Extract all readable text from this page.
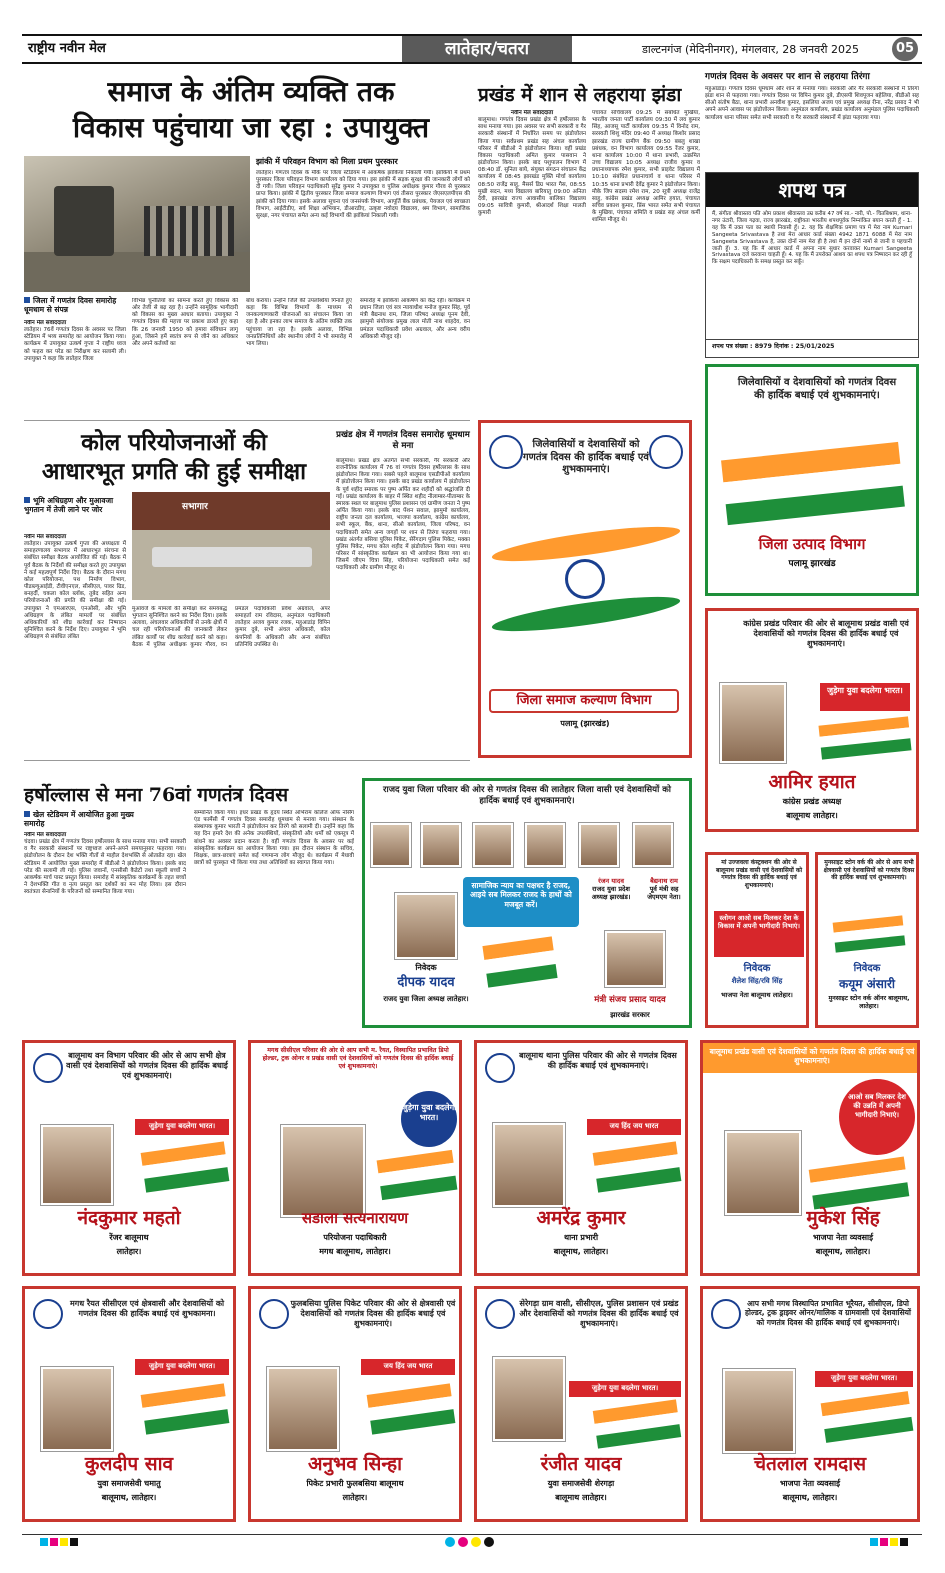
राष्ट्रीय नवीन मेल	लातेहार/चतरा	डाल्टनगंज (मेदिनीनगर), मंगलवार, 28 जनवरी 2025	05
समाज के अंतिम व्यक्ति तक
विकास पहुंचाया जा रहा : उपायुक्त
झांकी में परिवहन विभाग को मिला प्रथम पुरस्कार
लातेहार। गणतंत्र दिवस के मौके पर जिला स्टेडियम में आकर्षक झांकियां निकाली गयी। झांकियों में प्रथम पुरस्कार जिला परिवहन विभाग कार्यालय को दिया गया। इस झांकी में सड़क सुरक्षा की जानकारी लोगों को दी गयी। जिला परिवहन पदाधिकारी सुरेंद्र कुमार ने उपायुक्त व पुलिस अधीक्षक कुमार गौरव से पुरस्कार प्राप्त किया। झांकी में द्वितीय पुरस्कार जिला समाज कल्याण विभाग एवं तीसरा पुरस्कार जेएसएलपीएस की झांकी को दिया गया। इसके अलावा सूचना एवं जनसंपर्क विभाग, आपूर्ति बैंक प्रबंधक, पेयजल एवं स्वच्छता विभाग, आईटीडीए, सर्व शिक्षा अभियान, डीआरडीए, उत्कृष्ट नवोदय विद्यालय, श्रम विभाग, सामाजिक सुरक्षा, नगर पंचायत समेत अन्य कई विभागों की झांकियां निकाली गयी।
जिला में गणतंत्र दिवस समारोह धूमधाम से संपन्न
नवीन मेल संवाददाता
लातेहार। 76वें गणतंत्र दिवस के अवसर पर जिला स्टेडियम में भव्य समारोह का आयोजन किया गया। कार्यक्रम में उपायुक्त उत्कर्ष गुप्ता ने राष्ट्रीय ध्वज को फहरा कर परेड का निरीक्षण कर सलामी ली। उपायुक्त ने कहा कि लातेहार जिला
विभिन्न चुनौतियों का सामना करते हुए विकास की ओर तेजी से बढ़ रहा है। उन्होंने सामूहिक भागीदारी को विकास का मुख्य आधार बताया। उपायुक्त ने गणतंत्र दिवस की महत्ता पर प्रकाश डालते हुए कहा कि 26 जनवरी 1950 को हमारा संविधान लागू हुआ, जिसने हमें स्वतंत्र रूप से जीने का अधिकार और अपने कर्तव्यों का
बोध कराया। उन्होंने जिले की उपलब्धियां गिनाते हुए कहा कि विभिन्न विभागों के माध्यम से जनकल्याणकारी योजनाओं का संचालन किया जा रहा है और इनका लाभ समाज के अंतिम व्यक्ति तक पहुंचाया जा रहा है। इसके अलावा, विभिन्न जनप्रतिनिधियों और स्थानीय लोगों ने भी समारोह में भाग लिया।
समारोह में झांकियां आकर्षण का केंद्र रहीं। कार्यक्रम में प्रधान जिला एवं सत्र न्यायाधीश मनोज कुमार सिंह, पूर्व मंत्री बैद्यनाथ राम, जिला परिषद अध्यक्ष पूनम देवी, झामुमो संयोजक प्रमुख लाल मोती नाथ शाहदेव, वन प्रमंडल पदाधिकारी प्रवेश अग्रवाल, और अन्य वरीय अधिकारी मौजूद रहे।
प्रखंड में शान से लहराया झंडा
नवीन मेल संवाददाता
बालूमाथ। गणतंत्र दिवस प्रखंड क्षेत्र में हर्षोल्लास के साथ मनाया गया। इस अवसर पर सभी सरकारी व गैर सरकारी संस्थानों में निर्धारित समय पर झंडोत्तोलन किया गया। सर्वप्रथम प्रखंड सह अंचल कार्यालय परिसर में बीडीओ ने झंडोत्तोलन किया। वहीं प्रखंड विकास पदाधिकारी अमित कुमार पासवान ने झंडोत्तोलन किया। इसके बाद पशुपालन विभाग में 08:40 डॉ. सुनिता बाये, संयुक्त संगठन संचालन केंद्र कार्यालय में 08:45 झारखंड मुक्ति मोर्चा कार्यालय 08:50 राजेंद्र साहु, मैसर्स डिग्र भारत गैस, 08:55 मुखी सदन, मध्य विद्यालय बारियातु 09:00 अनिता देवी, झारखंड राज्य आवासीय बालिका विद्यालय 09:05 सावित्री कुमारी, श्रीआदर्श शिक्षा मालती कुमारी
पंचायत सचिवालय 09:25 में संबंधित मुखिया, भारतीय जनता पार्टी कार्यालय 09:30 में लव कुमार सिंह, आजसू पार्टी कार्यालय 09:35 में विनोद राम, सरस्वती शिशु मंदिर 09:40 में अध्यक्ष किशोर प्रसाद झारखंड राज्य ग्रामीण बैंक 09:50 बबलु शाखा प्रबंधक, वन विभाग कार्यालय 09:55 रेंजर कुमार, थाना कार्यालय 10:00 में थाना प्रभारी, उत्क्रमित उच्च विद्यालय 10:05 अध्यक्ष राजीव कुमार व प्रधानाध्यापक रमेश कुमार, सभी प्राइवेट विद्यालय में 10:10 संबंधित प्रधानाचार्य व थाना परिसर में 10:35 थाना प्रभारी देवेंद्र कुमार ने झंडोत्तोलन किया। मौके जिप सदस्य रमेश राम, 20 सूत्री अध्यक्ष राजेंद्र साहु, कांग्रेस प्रखंड अध्यक्ष आमिर हयात, पंचायत सचिव प्रकाश कुमार, प्रिंस भारत समेत सभी पंचायत के मुखिया, पंचायत समिति व प्रखंड सह अंचल कर्मी शामिल मौजूद थे।
गणतंत्र दिवस के अवसर पर शान से लहराया तिरंगा
महुआडांड़। गणतंत्र दिवस धूमधाम और शान से मनाया गया। सरकारी और गैर सरकारी संस्थानों में तिरंगा झंडा शान से फहराया गया। गणतंत्र दिवस पर विपिन कुमार दुबे, डीएसपी शिवपूजन बहेलिया, बीडीओ सह सीओ संतोष बैठा, थाना प्रभारी अनवीश कुमार, इसलिया अजय एवं प्रमुख अध्यक्ष रीना, नरेंद्र प्रसाद ने भी अपने अपने आवास पर झंडोत्तोलन किया। अनुमंडल कार्यालय, प्रखंड कार्यालय अनुमंडल पुलिस पदाधिकारी कार्यालय थाना परिसर समेत सभी सरकारी व गैर सरकारी संस्थानों में झंडा फहराया गया।
शपथ पत्र
मैं, संगीता श्रीवास्तव पति ओम प्रकाश श्रीवास्तव उम्र करीब 47 वर्ष सा.- नारी, पो.- चितबिश्राम, थाना- नगर उंटारी, जिला गढ़वा, राज्य झारखंड, राष्ट्रीयता भारतीय शपथपूर्वक निम्नांकित बयान करती हूँ - 1. यह कि मैं उक्त पता का स्थायी निवासी हूँ। 2. यह कि शैक्षणिक प्रमाण पत्र में मेरा नाम Kumari Sangeeta Srivastava है तथा मेरा आधार कार्ड संख्या 4942 1871 6088 में मेरा नाम Sangeeta Srivastava है, उक्त दोनों नाम मेरा ही है तथा मैं इन दोनों नामों से जानी व पहचानी जाती हूँ। 3. यह कि मैं आधार कार्ड में अपना नाम सुधार करवाकर Kumari Sangeeta Srivastava दर्ज करवाना चाहती हूँ। 4. यह कि मैं उपरोक्त आशय का शपथ पत्र निष्पादन कर रही हूँ कि सक्षम पदाधिकारी के समक्ष प्रस्तुत कर सकूँ।
शपथ पत्र संख्या : 8979 दिनांक : 25/01/2025
कोल परियोजनाओं की
आधारभूत प्रगति की हुई समीक्षा
भूमि अधिग्रहण और मुआवजा भुगतान में तेजी लाने पर जोर	सभागार
नवीन मेल संवाददाता
लातेहार। उपायुक्त उत्कर्ष गुप्ता की अध्यक्षता में समाहरणालय सभागार में आधारभूत संरचना से संबंधित समीक्षा बैठक आयोजित की गई। बैठक में पूर्व बैठक के निर्देशों की समीक्षा करते हुए उपायुक्त ने कई महत्वपूर्ण निर्देश दिए। बैठक के दौरान मगध कोल परियोजना, पथ निर्माण विभाग, पीडब्ल्यूआईडी, टीवीएनएल, सीसीएल, पावर ग्रिड, बनहर्दी, चकला कोल ब्लॉक, तुबेद सहित अन्य परियोजनाओं की प्रगति की समीक्षा की गई। उपायुक्त ने एमआरएस, एनओसी, और भूमि अधिग्रहण के लंबित मामलों पर संबंधित अधिकारियों को शीघ्र कार्रवाई कर निष्पादन सुनिश्चित करने के निर्देश दिए। उपायुक्त ने भूमि अधिग्रहण से संबंधित लंबित
मुआवजे के मामलों की समीक्षा कर समयबद्ध भुगतान सुनिश्चित करने का निर्देश दिया। इसके अलावा, अंचलवार अधिकारियों से उनके क्षेत्रों में चल रही परियोजनाओं की जानकारी लेकर लंबित कार्यों पर शीघ्र कार्रवाई करने को कहा। बैठक में पुलिस अधीक्षक कुमार गौरव, वन प्रमंडल पदाधिकारी प्रवेश अग्रवाल, अपर समाहर्ता राम रविदास, अनुमंडल पदाधिकारी लातेहार अजय कुमार रजक, महुआडांड़ विपिन कुमार दुबे, सभी अंचल अधिकारी, कोल कंपनियों के अधिकारी और अन्य संबंधित प्रतिनिधि उपस्थित थे।
प्रखंड क्षेत्र में गणतंत्र दिवस समारोह धूमधाम से मना
बालूमाथ। प्रखंड क्षेत्र अंतर्गत सभी सरकारी, गैर सरकारी और राजनीतिक कार्यालय में 76 वां गणतंत्र दिवस हर्षोल्लास के साथ झंडोत्तोलन किया गया। सबसे पहले बालूमाथ एसडीपीओ कार्यालय में झंडोत्तोलन किया गया। इसके बाद प्रखंड कार्यालय में झंडोत्तोलन के पूर्व शहीद स्मारक पर पुष्प अर्पित कर शहीदों को श्रद्धांजलि दी गई। प्रखंड कार्यालय के बाहर में स्थित शहीद नीलाम्बर-पीताम्बर के स्मारक स्थल पर बालूमाथ पुलिस प्रशासन एवं ग्रामीण जनता ने पुष्प अर्पित किया गया। इसके बाद पेंशन सवाल, झामुमो कार्यालय, राष्ट्रीय जनता दल कार्यालय, भाजपा कार्यालय, कांग्रेस कार्यालय, सभी स्कूल, बैंक, थाना, सीओ कार्यालय, जिला परिषद, वन पदाधिकारी समेत अन्य जगहों पर शान से तिरंगा फहराया गया। प्रखंड अंतर्गत बसिया पुलिस पिकेट, सेरेंगदाग पुलिस पिकेट, मक्का पुलिस पिकेट, मगध कोल शहीद में झंडोत्तोलन किया गया। मगध परिसर में सांस्कृतिक कार्यक्रम का भी आयोजन किया गया था। जिसमें जीएम चित्रा सिंह, परियोजना पदाधिकारी समेत कई पदाधिकारी और ग्रामीण मौजूद थे।
जिलेवासियों व देशवासियों को गणतंत्र दिवस की हार्दिक बधाई एवं शुभकामनाएं।
जिला समाज कल्याण विभाग
पलामू (झारखंड)
जिलेवासियों व देशवासियों को गणतंत्र दिवस की हार्दिक बधाई एवं शुभकामनाएं।
जिला उत्पाद विभाग
पलामू झारखंड
कांग्रेस प्रखंड परिवार की ओर से बालूमाथ प्रखंड वासी एवं देशवासियों को गणतंत्र दिवस की हार्दिक बधाई एवं शुभकामनाएं।
जुड़ेगा युवा बदलेगा भारत।
आमिर हयात
कांग्रेस प्रखंड अध्यक्ष
बालूमाथ लातेहार।
हर्षोल्लास से मना 76वां गणतंत्र दिवस
खेल स्टेडियम में आयोजित हुआ मुख्य समारोह
नवीन मेल संवाददाता
चंदवा। प्रखंड क्षेत्र में गणतंत्र दिवस हर्षोल्लास के साथ मनाया गया। सभी सरकारी व गैर सरकारी संस्थानों पर राष्ट्रध्वज अपने-अपने समयानुसार फहराया गया। झंडोत्तोलन के दौरान देश भक्ति गीतों से माहौल देशभक्ति से ओतप्रोत रहा। खेल स्टेडियम में आयोजित मुख्य समारोह में बीडीओ ने झंडोत्तोलन किया। इसके बाद परेड की सलामी ली गई। पुलिस जवानों, एनसीसी कैडेटों तथा स्कूली बच्चों ने आकर्षक मार्च पास्ट प्रस्तुत किया। समारोह में सांस्कृतिक कार्यक्रमों के तहत बच्चों ने देशभक्ति गीत व नृत्य प्रस्तुत कर दर्शकों का मन मोह लिया। इस दौरान स्वतंत्रता सेनानियों के परिजनों को सम्मानित किया गया।
सम्मानित किया गया। इधर प्रखंड के हृदय स्थित अभिराम कॉलेज ऑफ नर्सिंग एंड फार्मेसी में गणतंत्र दिवस समारोह धूमधाम से मनाया गया। संस्थान के संस्थापक कुमार भारती ने झंडोत्तोलन कर तिरंगे को सलामी दी। उन्होंने कहा कि यह दिन हमारे देश की अनेक उपलब्धियों, संस्कृतियों और धर्मों को एकसूत्र में बांधने का अवसर प्रदान करता है। वहीं गणतंत्र दिवस के अवसर पर कई सांस्कृतिक कार्यक्रम का आयोजन किया गया। इस दौरान संस्थान के सचिव, शिक्षक, छात्र-छात्राएं समेत कई गणमान्य लोग मौजूद थे। कार्यक्रम में मेधावी छात्रों को पुरस्कृत भी किया गया तथा अतिथियों का स्वागत किया गया।
राजद युवा जिला परिवार की ओर से गणतंत्र दिवस की लातेहार जिला वासी एवं देशवासियों को हार्दिक बधाई एवं शुभकामनाएं।
सामाजिक न्याय का पक्षधर है राजद, आइये सब मिलकर राजद के हाथों को मजबूत करें।
रंजन यादव
राजद युवा प्रदेश अध्यक्ष झारखंड।
बैद्यनाथ राम
पूर्व मंत्री सह जेएमएम नेता।
निवेदक
दीपक यादव
राजद युवा जिला अध्यक्ष लातेहार।	मंत्री संजय प्रसाद यादव
झारखंड सरकार
मां उज्जवला कंस्ट्रक्शन की ओर से बालूमाथ प्रखंड वासी एवं देशवासियों को गणतंत्र दिवस की हार्दिक बधाई एवं शुभकामनाएं।
स्लोगन आओ सब मिलकर देश के विकास में अपनी भागीदारी निभाएं।
निवेदक
शैलेश सिंह/रवि सिंह
भाजपा नेता बालूमाथ लातेहार।
मुनसाइट स्टोन वर्क की ओर से आप सभी क्षेत्रवासी एवं देशवासियों को गणतंत्र दिवस की हार्दिक बधाई एवं शुभकामनाएं।
निवेदक
कयूम अंसारी
मुनसाइट स्टोन वर्क ऑनर बालूमाथ, लातेहार।
बालूमाथ वन विभाग परिवार की ओर से आप सभी क्षेत्र वासी एवं देशवासियों को गणतंत्र दिवस की हार्दिक बधाई एवं शुभकामनाएं।
जुड़ेगा युवा बदलेगा भारत।
नंदकुमार महतो
रेंजर बालूमाथ
लातेहार।
मगध सीसीएल परिवार की ओर से आप सभी म. रैयत, विस्थापित प्रभावित डिपो होल्डर, ट्रक ओनर व प्रखंड वासी एवं देशवासियों को गणतंत्र दिवस की हार्दिक बधाई एवं शुभकामनाएं।
जुड़ेगा युवा बदलेगा भारत।
सडाला सत्यनारायण
परियोजना पदाधिकारी
मगध बालूमाथ, लातेहार।
बालूमाथ थाना पुलिस परिवार की ओर से गणतंत्र दिवस की हार्दिक बधाई एवं शुभकामनाएं।
जय हिंद जय भारत
अमरेंद्र कुमार
थाना प्रभारी
बालूमाथ, लातेहार।
बालूमाथ प्रखंड वासी एवं देशवासियों को गणतंत्र दिवस की हार्दिक बधाई एवं शुभकामनाएं।
आओ सब मिलकर देश की उन्नति में अपनी भागीदारी निभाएं।
मुकेश सिंह
भाजपा नेता व्यवसाई
बालूमाथ, लातेहार।
मगध रैयत सीसीएल एवं क्षेत्रवासी और देशवासियों को गणतंत्र दिवस की हार्दिक बधाई एवं शुभकामना।
जुड़ेगा युवा बदलेगा भारत।
कुलदीप साव
युवा समाजसेवी चमातु
बालूमाथ, लातेहार।
फुलबसिया पुलिस पिकेट परिवार की ओर से क्षेत्रवासी एवं देशवासियों को गणतंत्र दिवस की हार्दिक बधाई एवं शुभकामनाएं।
जय हिंद जय भारत
अनुभव सिन्हा
पिकेट प्रभारी फुलबसिया बालूमाथ
लातेहार।
सेरेगड़ा ग्राम वासी, सीसीएल, पुलिस प्रशासन एवं प्रखंड और देशवासियों को गणतंत्र दिवस की हार्दिक बधाई एवं शुभकामनाएं।
जुड़ेगा युवा बदलेगा भारत।
रंजीत यादव
युवा समाजसेवी शेरगड़ा
बालूमाथ लातेहार।
आप सभी मगध विस्थापित प्रभावित भूरैयत, सीसीएल, डिपो होल्डर, ट्रक ड्राइवर ओनर/मालिक व ग्रामवासी एवं देशवासियों को गणतंत्र दिवस की हार्दिक बधाई एवं शुभकामनाएं।
जुड़ेगा युवा बदलेगा भारत।
चेतलाल रामदास
भाजपा नेता व्यवसाई
बालूमाथ, लातेहार।
